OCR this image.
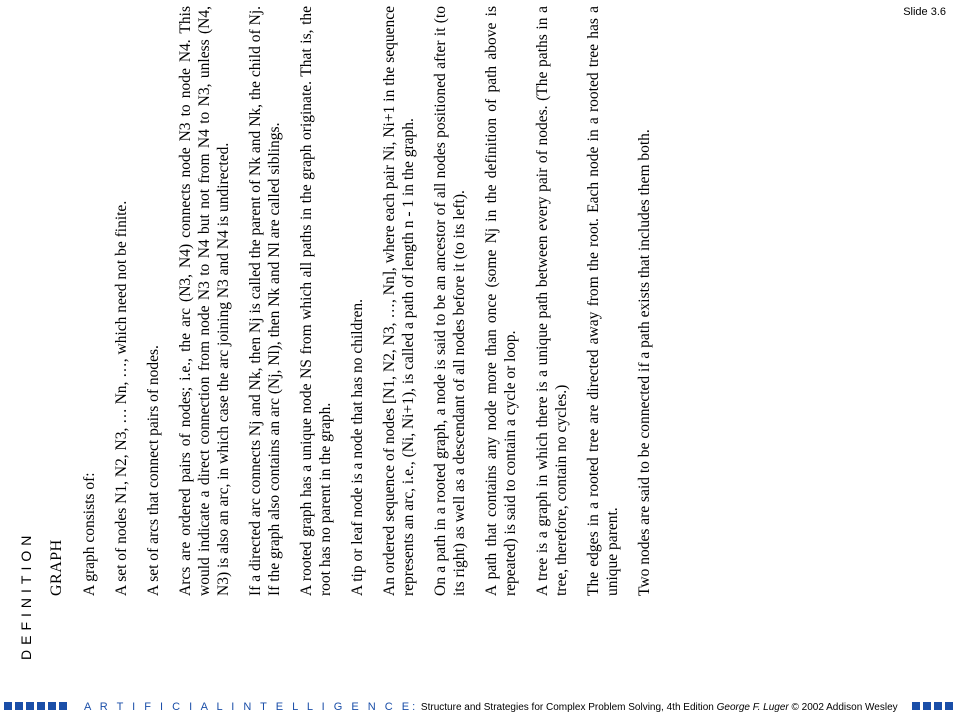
Slide 3.6
DEFINITION GRAPH A graph consists of: A set of nodes N1, N2, N3, … Nn, …, which need not be finite. A set of arcs that connect pairs of nodes. Arcs are ordered pairs of nodes; i.e., the arc (N3, N4) connects node N3 to node N4. This would indicate a direct connection from node N3 to N4 but not from N4 to N3, unless (N4, N3) is also an arc, in which case the arc joining N3 and N4 is undirected. If a directed arc connects Nj and Nk, then Nj is called the parent of Nk and Nk, the child of Nj. If the graph also contains an arc (Nj, Nl), then Nk and Nl are called siblings. A rooted graph has a unique node NS from which all paths in the graph originate. That is, the root has no parent in the graph. A tip or leaf node is a node that has no children. An ordered sequence of nodes [N1, N2, N3, …, Nn], where each pair Ni, Ni+1 in the sequence represents an arc, i.e., (Ni, Ni+1), is called a path of length n - 1 in the graph. On a path in a rooted graph, a node is said to be an ancestor of all nodes positioned after it (to its right) as well as a descendant of all nodes before it (to its left). A path that contains any node more than once (some Nj in the definition of path above is repeated) is said to contain a cycle or loop. A tree is a graph in which there is a unique path between every pair of nodes. (The paths in a tree, therefore, contain no cycles.) The edges in a rooted tree are directed away from the root. Each node in a rooted tree has a unique parent. Two nodes are said to be connected if a path exists that includes them both.

A R T I F I C I A L I N T E L L I G E N C E: Structure and Strategies for Complex Problem Solving, 4th Edition George F. Luger © 2002 Addison Wesley
